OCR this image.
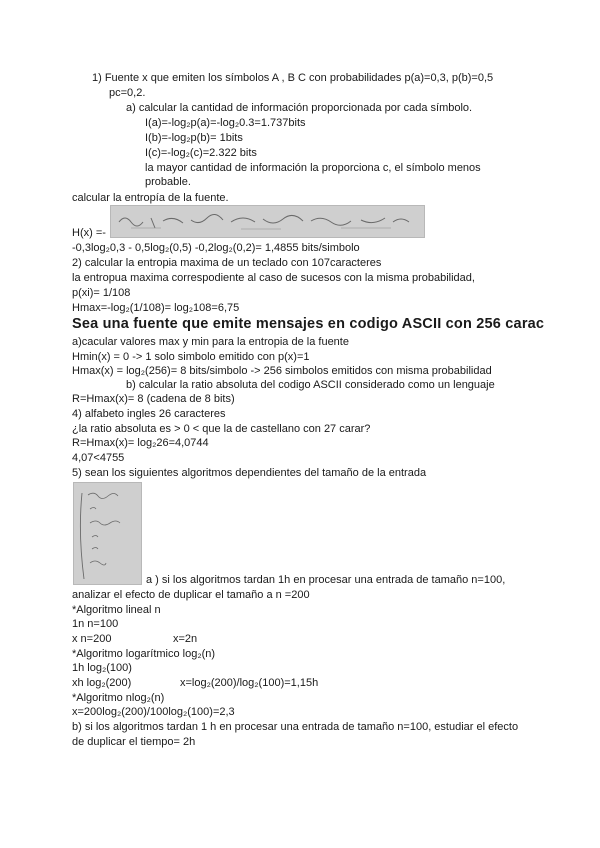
1) Fuente x que emiten los símbolos A , B C con probabilidades p(a)=0,3, p(b)=0,5
pc=0,2.
a) calcular la cantidad de información proporcionada por cada símbolo.
I(a)=-log₂p(a)=-log₂0.3=1.737bits
I(b)=-log₂p(b)= 1bits
I(c)=-log₂(c)=2.322 bits
la mayor cantidad de información la proporciona c, el símbolo menos
probable.
calcular la entropía de la fuente.
H(x) =-
-0,3log₂0,3 - 0,5log₂(0,5) -0,2log₂(0,2)= 1,4855 bits/simbolo
2) calcular la entropia maxima de un teclado con 107caracteres
la entropua maxima correspodiente al caso de sucesos con la misma probabilidad,
p(xi)= 1/108
Hmax=-log₂(1/108)= log₂108=6,75
Sea una fuente que emite mensajes en codigo ASCII con 256 carac
a)cacular valores max y min para la entropia de la fuente
Hmin(x) = 0 -> 1 solo simbolo emitido con p(x)=1
Hmax(x) = log₂(256)= 8 bits/simbolo -> 256 simbolos emitidos con misma probabilidad
b) calcular la ratio absoluta del codigo ASCII considerado como un lenguaje
R=Hmax(x)= 8 (cadena de 8 bits)
4) alfabeto ingles 26 caracteres
¿la ratio absoluta es > 0 < que la de castellano con 27 carar?
R=Hmax(x)= log₂26=4,0744
4,07<4755
5) sean los siguientes algoritmos dependientes del tamaño de la entrada
a ) si los algoritmos tardan 1h en procesar una entrada de tamaño n=100,
analizar el efecto de duplicar el tamaño a n =200
*Algoritmo lineal n
1n n=100
x n=200	x=2n
*Algoritmo logarítmico log₂(n)
1h log₂(100)
xh log₂(200)	x=log₂(200)/log₂(100)=1,15h
*Algoritmo nlog₂(n)
x=200log₂(200)/100log₂(100)=2,3
b) si los algoritmos tardan 1 h en procesar una entrada de tamaño n=100, estudiar el efecto
de duplicar el tiempo= 2h
